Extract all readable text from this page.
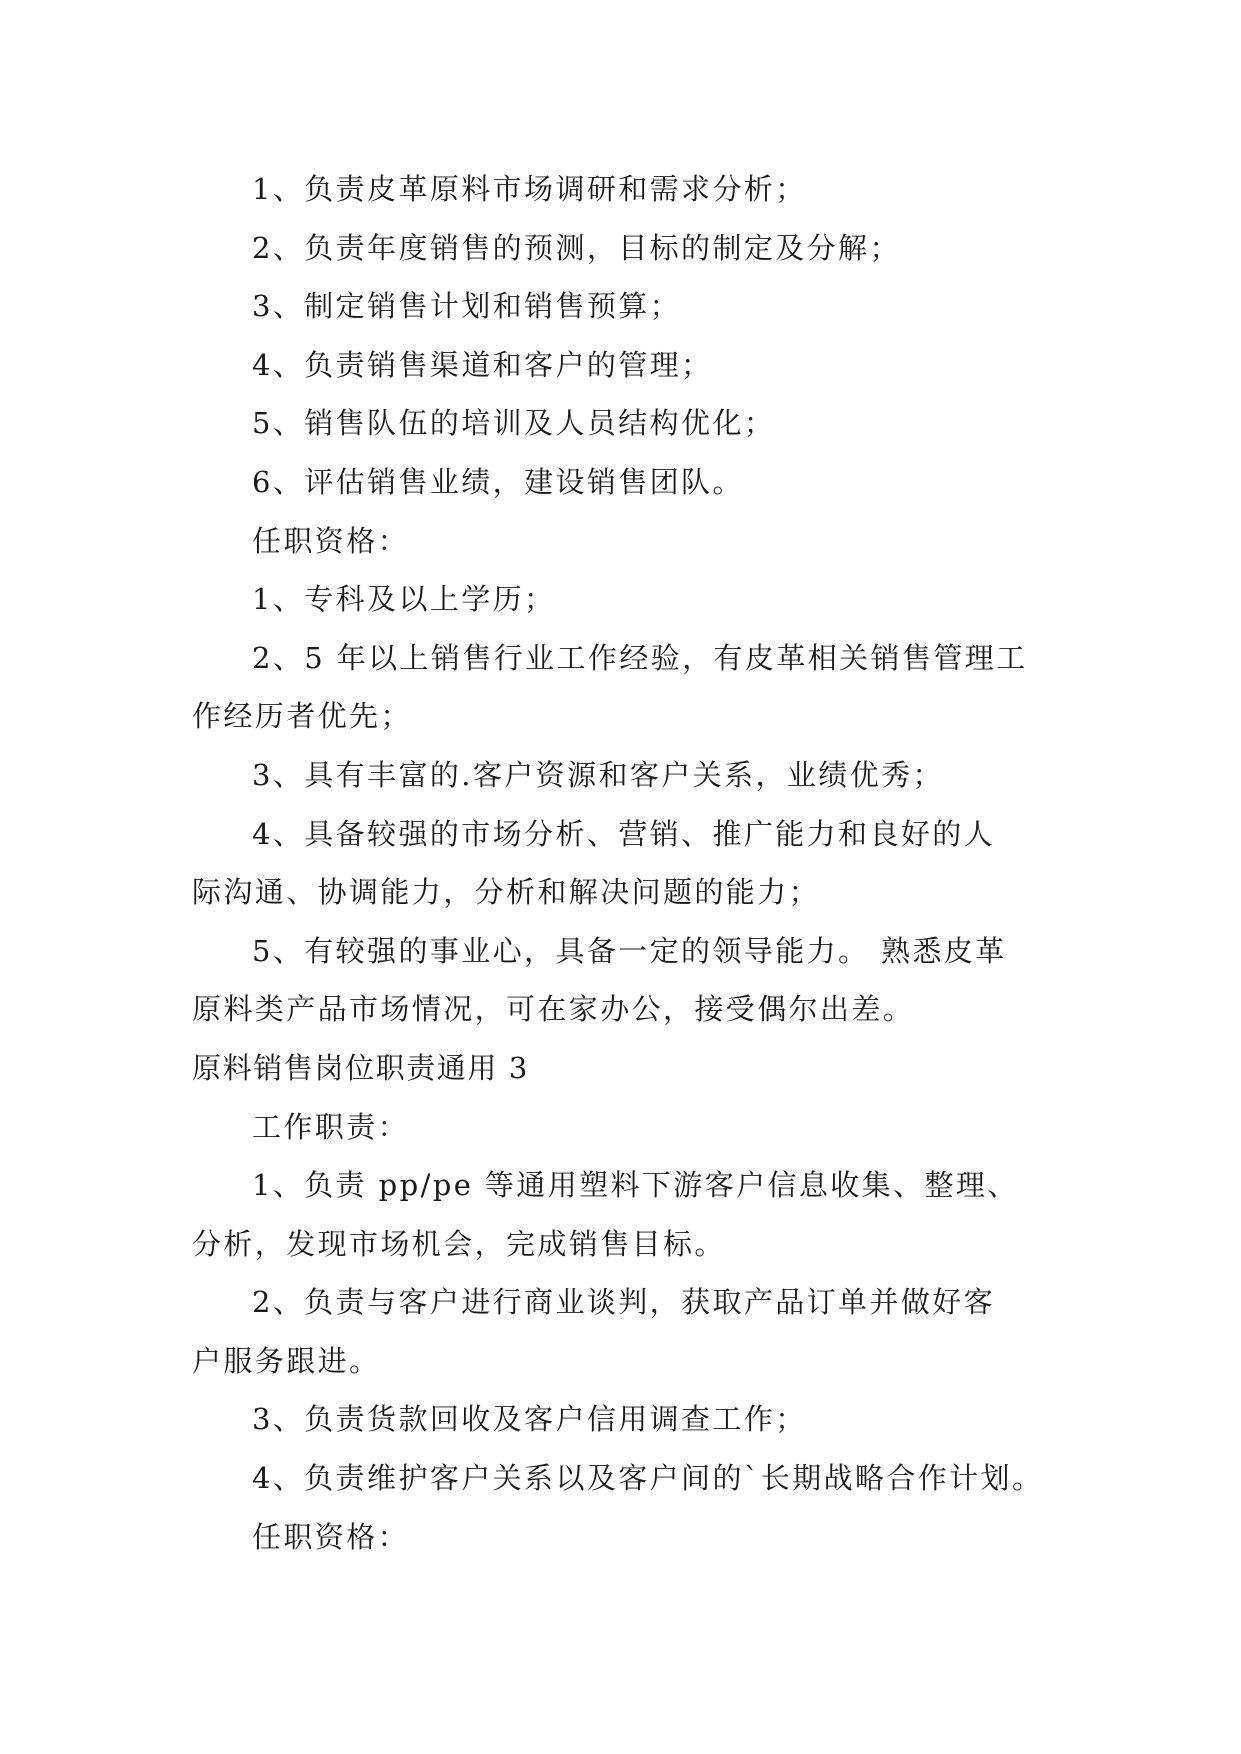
1、负责皮革原料市场调研和需求分析；

2、负责年度销售的预测，目标的制定及分解；

3、制定销售计划和销售预算；

4、负责销售渠道和客户的管理；

5、销售队伍的培训及人员结构优化；

6、评估销售业绩，建设销售团队。

任职资格：

1、专科及以上学历；

2、5 年以上销售行业工作经验，有皮革相关销售管理工

作经历者优先；

3、具有丰富的.客户资源和客户关系，业绩优秀；

4、具备较强的市场分析、营销、推广能力和良好的人

际沟通、协调能力，分析和解决问题的能力；

5、有较强的事业心，具备一定的领导能力。 熟悉皮革

原料类产品市场情况，可在家办公，接受偶尔出差。

原料销售岗位职责通用 3

工作职责：

1、负责 pp/pe 等通用塑料下游客户信息收集、整理、

分析，发现市场机会，完成销售目标。

2、负责与客户进行商业谈判，获取产品订单并做好客

户服务跟进。

3、负责货款回收及客户信用调查工作；

4、负责维护客户关系以及客户间的`长期战略合作计划。

任职资格：
